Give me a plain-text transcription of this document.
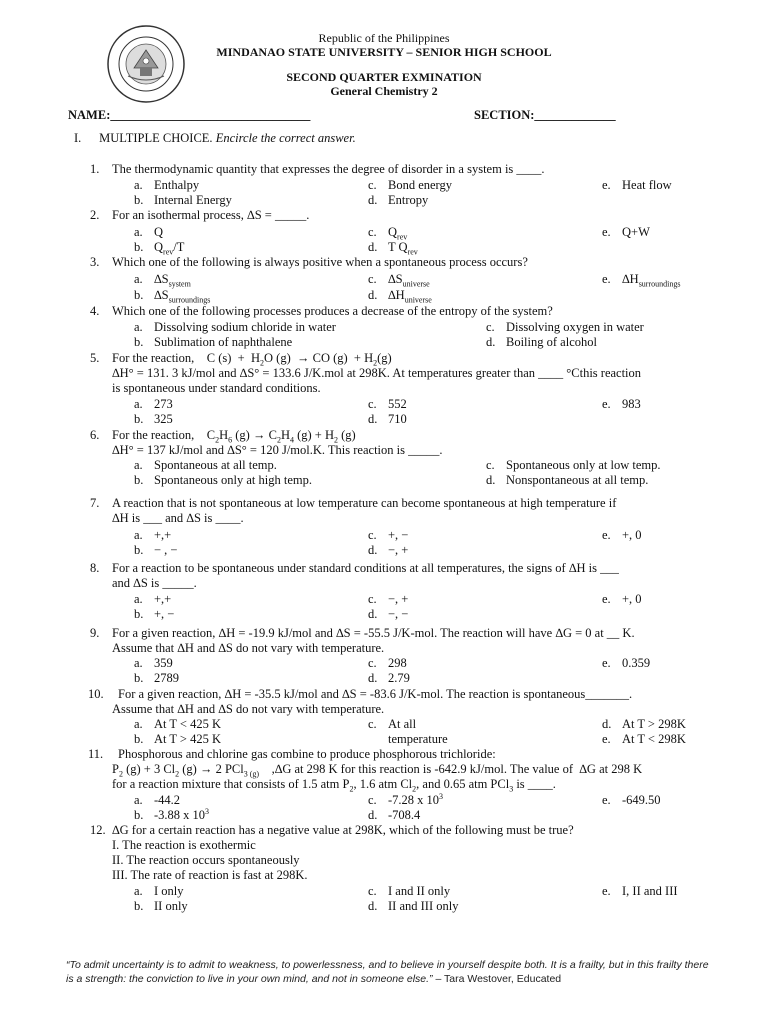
Republic of the Philippines
MINDANAO STATE UNIVERSITY – SENIOR HIGH SCHOOL
SECOND QUARTER EXMINATION
General Chemistry 2
NAME:________________________________	SECTION:_____________
I. MULTIPLE CHOICE. Encircle the correct answer.
1.	The thermodynamic quantity that expresses the degree of disorder in a system is ____.
a. Enthalpy	c. Bond energy	e. Heat flow
b. Internal Energy	d. Entropy
2.	For an isothermal process, ∆S = _____.
a. Q	c. $Q_{rev}$	e. Q+W
b. $Q_{rev}/T$	d. T $Q_{rev}$
3.	Which one of the following is always positive when a spontaneous process occurs?
a. $\Delta S_{system}$	c. $\Delta S_{universe}$	e. $\Delta H_{surroundings}$
b. $\Delta S_{surroundings}$	d. $\Delta H_{universe}$
4.	Which one of the following processes produces a decrease of the entropy of the system?
a. Dissolving sodium chloride in water	c. Dissolving oxygen in water
b. Sublimation of naphthalene	d. Boiling of alcohol
5.	For the reaction,    C $(s) + H_2O$ (g)  → CO $(g) + H_2(g)$
∆H° = 131. 3 kJ/mol and ∆S° = 133.6 J/K.mol at 298K. At temperatures greater than ____ °Cthis reaction
is spontaneous under standard conditions.
a. 273	c. 552	e. 983
b. 325	d. 710
6.	For the reaction,    $C_2H_6$ $(g) \to C_2H_4$ $(g) + H_2$ (g)
∆H° = 137 kJ/mol and ∆S° = 120 J/mol.K. This reaction is _____.
a. Spontaneous at all temp.	c. Spontaneous only at low temp.
b. Spontaneous only at high temp.	d. Nonspontaneous at all temp.
7.	A reaction that is not spontaneous at low temperature can become spontaneous at high temperature if
∆H is ___ and ∆S is ____.
a. +,+	c. +, −	e. +, 0
b. − , −	d. −, +
8.	For a reaction to be spontaneous under standard conditions at all temperatures, the signs of ∆H is ___
and ∆S is _____.
a. +,+	c. −, +	e. +, 0
b. +, −	d. −, −
9.	For a given reaction, ∆H = -19.9 kJ/mol and ∆S = -55.5 J/K-mol. The reaction will have ∆G = 0 at __ K.
Assume that ∆H and ∆S do not vary with temperature.
a. 359	c. 298	e. 0.359
b. 2789	d. 2.79
10.	For a given reaction, ∆H = -35.5 kJ/mol and ∆S = -83.6 J/K-mol. The reaction is spontaneous_______.
Assume that ∆H and ∆S do not vary with temperature.
a. At T < 425 K	c. At all	d. At T > 298K
b. At T > 425 K	temperature	e. At T < 298K
11.	Phosphorous and chlorine gas combine to produce phosphorous trichloride:
$P_2$ (g) + 3 $Cl_2$ (g) → 2 PCl$_{3 (g)}$    ,∆G at 298 K for this reaction is -642.9 kJ/mol. The value of  ∆G at 298 K
for a reaction mixture that consists of 1.5 atm $P_2$, 1.6 atm $Cl_2$, and 0.65 atm PCl$_3$ is ____.
a. -44.2	c. -7.28 x $10^3$	e. -649.50
b. -3.88 x $10^3$	d. -708.4
12. ∆G for a certain reaction has a negative value at 298K, which of the following must be true?
I. The reaction is exothermic
II. The reaction occurs spontaneously
III. The rate of reaction is fast at 298K.
a. I only	c. I and II only	e. I, II and III
b. II only	d. II and III only
“To admit uncertainty is to admit to weakness, to powerlessness, and to believe in yourself despite both. It is a frailty, but in this frailty there is a strength: the conviction to live in your own mind, and not in someone else.” – Tara Westover, Educated
